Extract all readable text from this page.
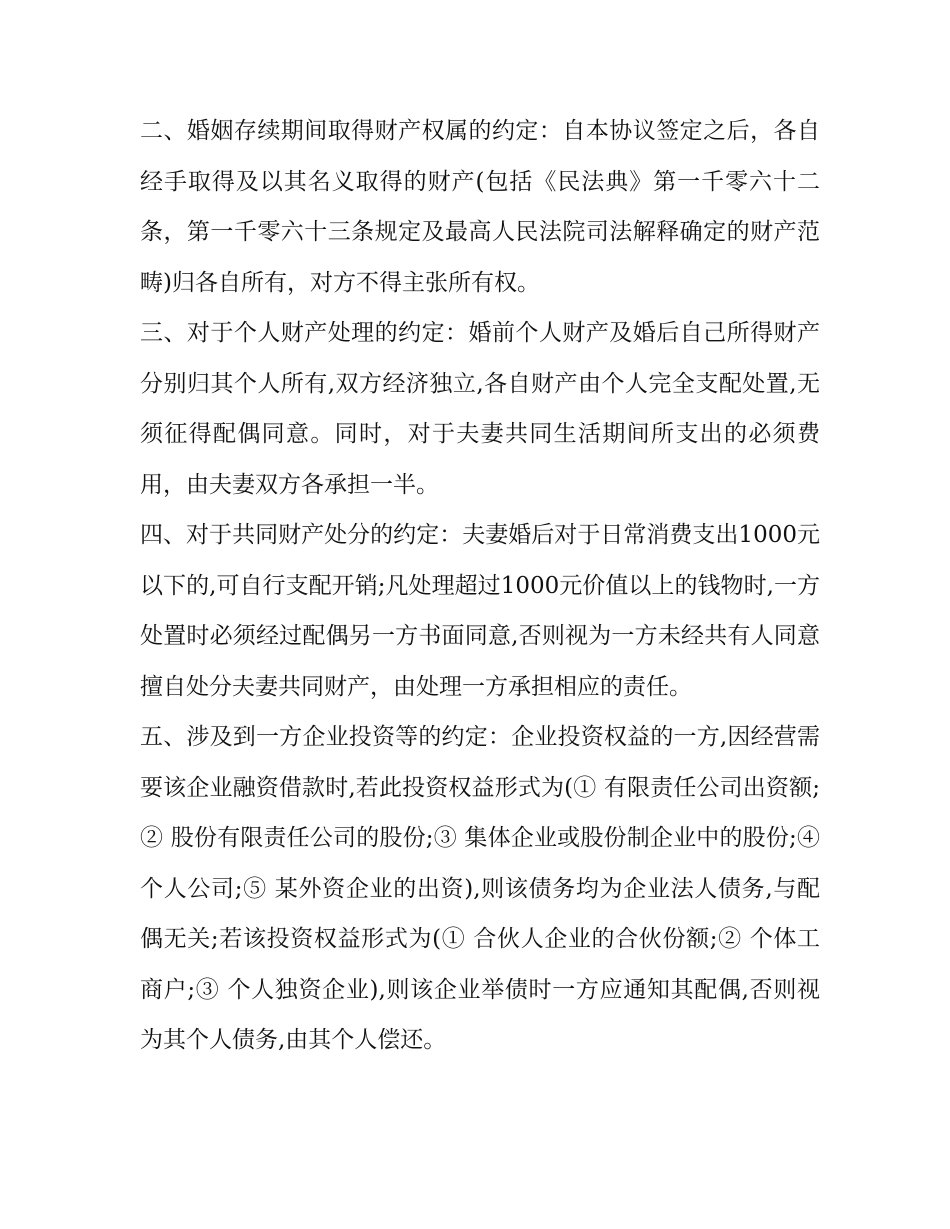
二、婚姻存续期间取得财产权属的约定：自本协议签定之后，各自经手取得及以其名义取得的财产(包括《民法典》第一千零六十二条，第一千零六十三条规定及最高人民法院司法解释确定的财产范畴)归各自所有，对方不得主张所有权。

三、对于个人财产处理的约定：婚前个人财产及婚后自己所得财产分别归其个人所有,双方经济独立,各自财产由个人完全支配处置,无须征得配偶同意。同时，对于夫妻共同生活期间所支出的必须费用，由夫妻双方各承担一半。

四、对于共同财产处分的约定：夫妻婚后对于日常消费支出1000元以下的,可自行支配开销;凡处理超过1000元价值以上的钱物时,一方处置时必须经过配偶另一方书面同意,否则视为一方未经共有人同意擅自处分夫妻共同财产，由处理一方承担相应的责任。

五、涉及到一方企业投资等的约定：企业投资权益的一方,因经营需要该企业融资借款时,若此投资权益形式为(① 有限责任公司出资额;② 股份有限责任公司的股份;③ 集体企业或股份制企业中的股份;④ 个人公司;⑤ 某外资企业的出资),则该债务均为企业法人债务,与配偶无关;若该投资权益形式为(① 合伙人企业的合伙份额;② 个体工商户;③ 个人独资企业),则该企业举债时一方应通知其配偶,否则视为其个人债务,由其个人偿还。
